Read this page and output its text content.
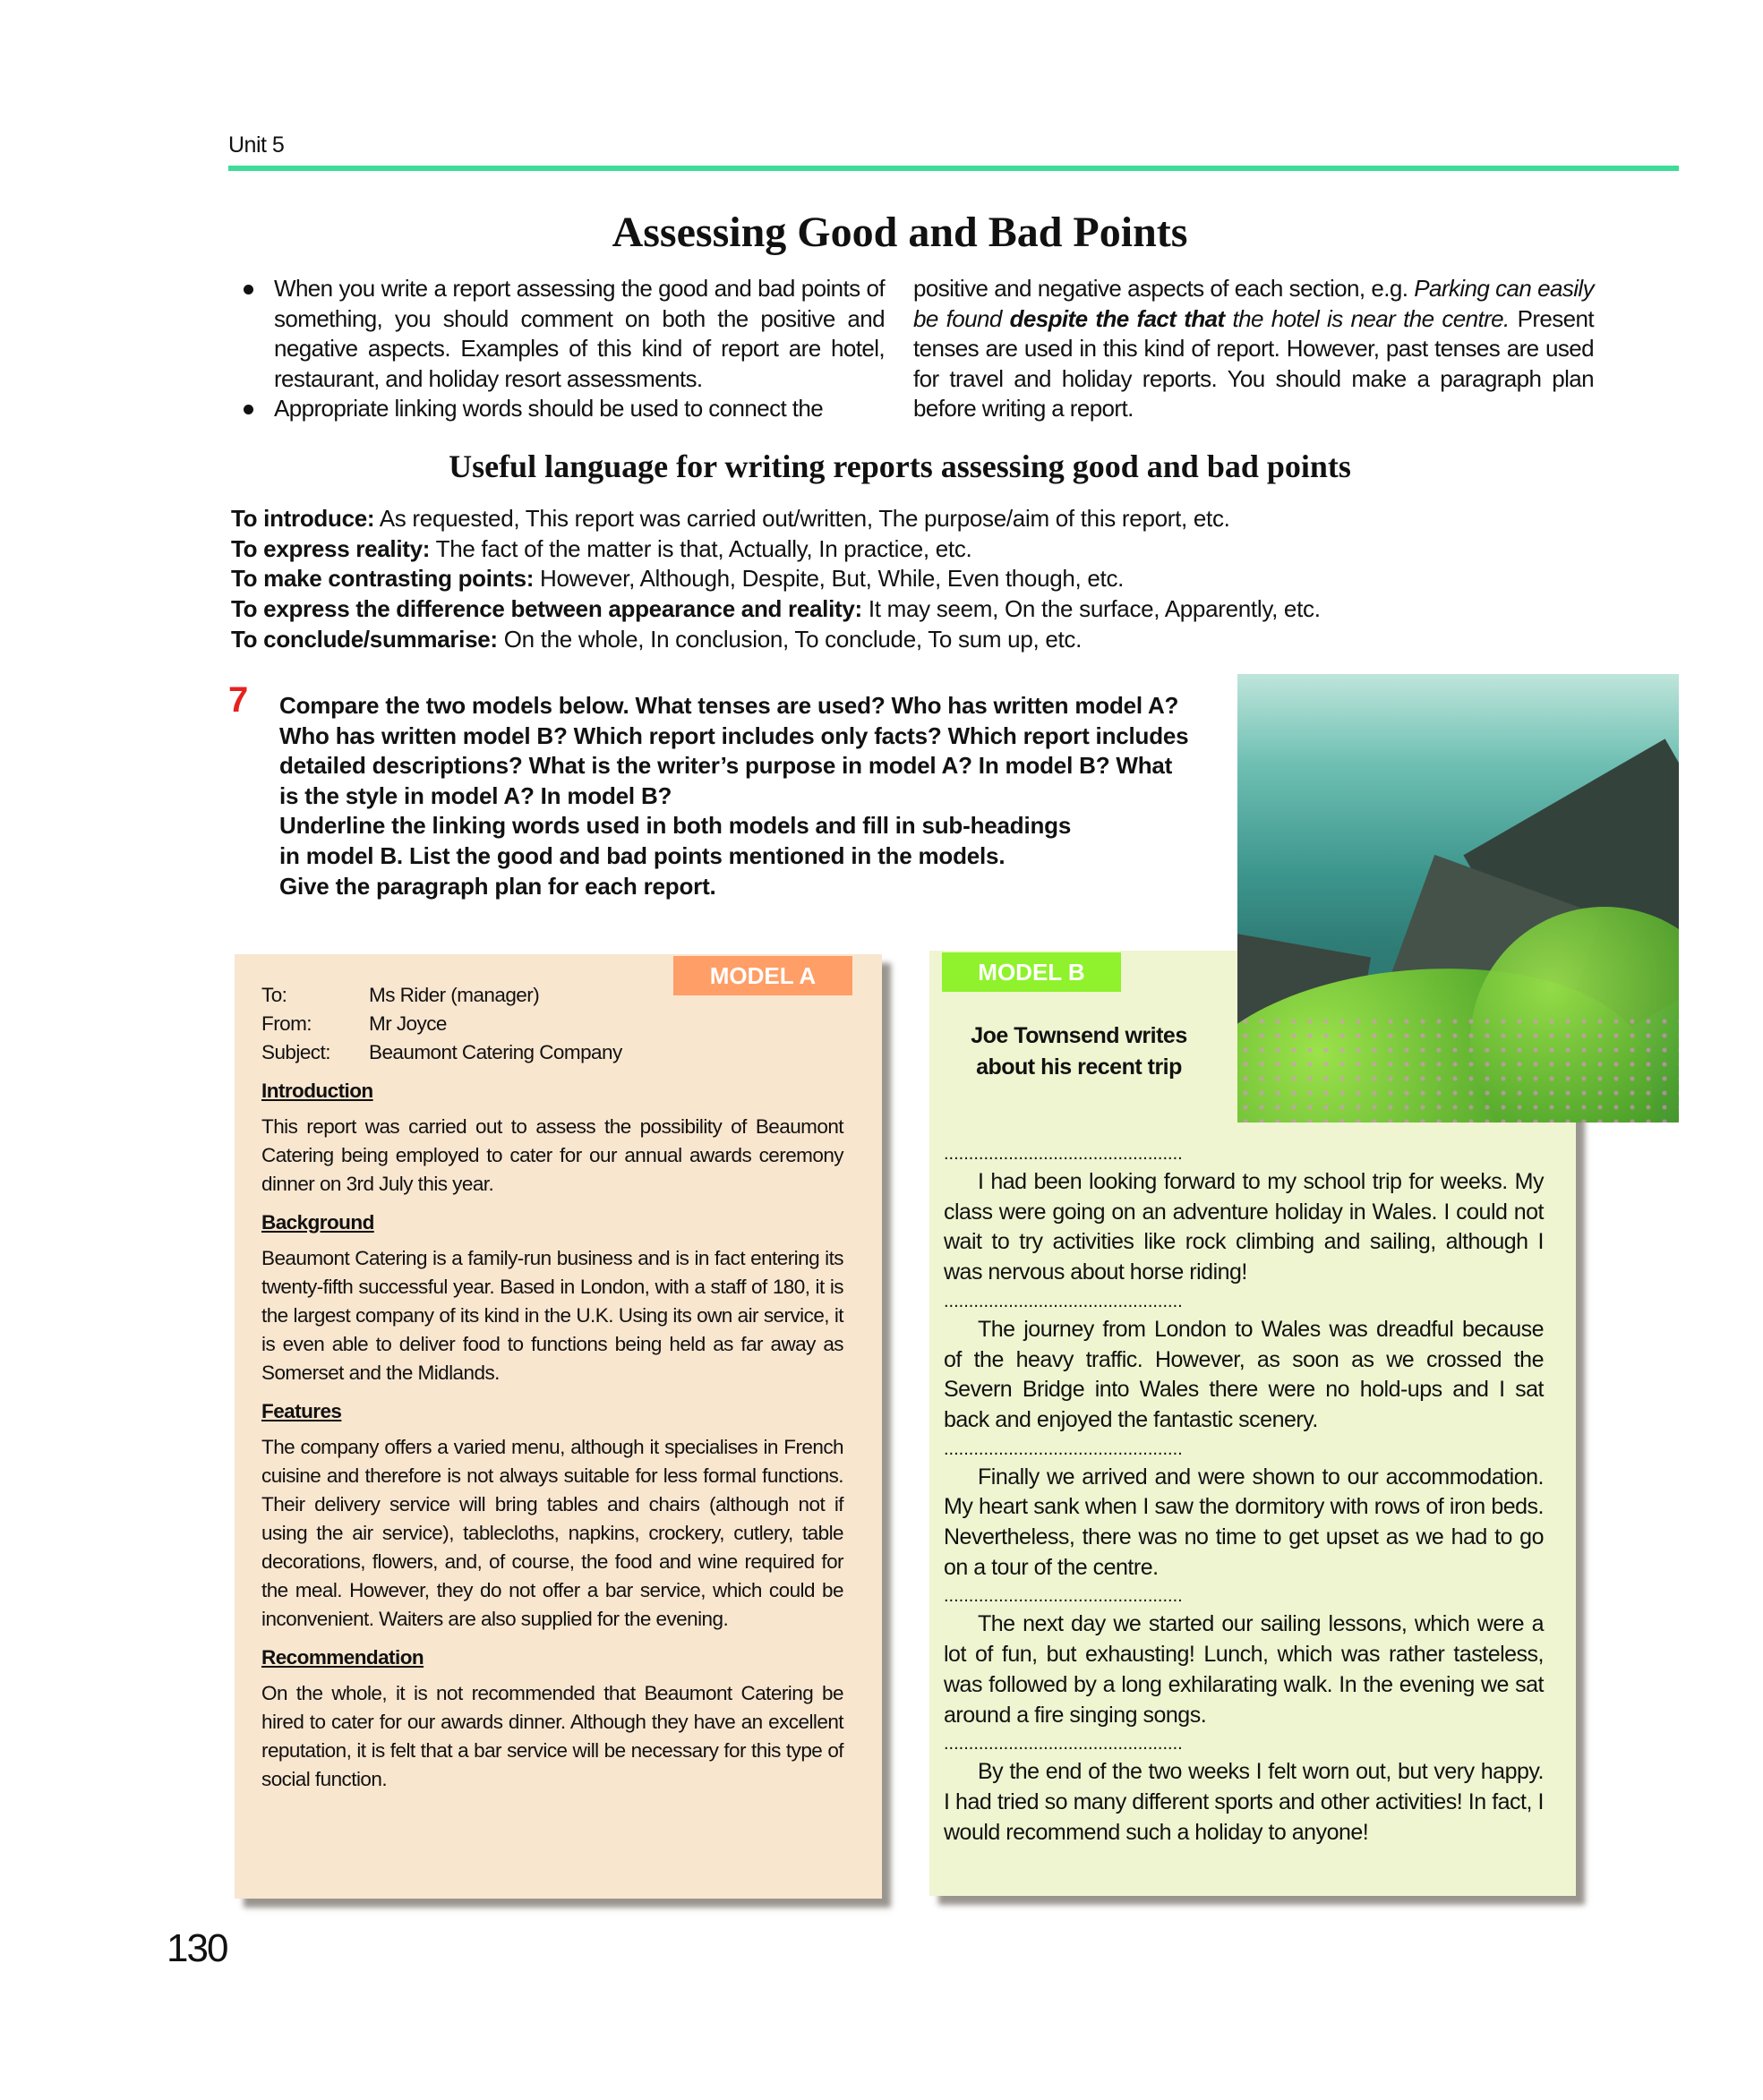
Unit 5
Assessing Good and Bad Points
When you write a report assessing the good and bad points of something, you should comment on both the positive and negative aspects. Examples of this kind of report are hotel, restaurant, and holiday resort assessments.
Appropriate linking words should be used to connect the
positive and negative aspects of each section, e.g. Parking can easily be found despite the fact that the hotel is near the centre. Present tenses are used in this kind of report. However, past tenses are used for travel and holiday reports. You should make a paragraph plan before writing a report.
Useful language for writing reports assessing good and bad points
To introduce: As requested, This report was carried out/written, The purpose/aim of this report, etc.
To express reality: The fact of the matter is that, Actually, In practice, etc.
To make contrasting points: However, Although, Despite, But, While, Even though, etc.
To express the difference between appearance and reality: It may seem, On the surface, Apparently, etc.
To conclude/summarise: On the whole, In conclusion, To conclude, To sum up, etc.
7 Compare the two models below. What tenses are used? Who has written model A?
Who has written model B? Which report includes only facts? Which report includes
detailed descriptions? What is the writer’s purpose in model A? In model B? What
is the style in model A? In model B?
Underline the linking words used in both models and fill in sub-headings
in model B. List the good and bad points mentioned in the models.
Give the paragraph plan for each report.
MODEL A
To:	Ms Rider (manager)
From:	Mr Joyce
Subject:	Beaumont Catering Company
Introduction

This report was carried out to assess the possibility of Beaumont Catering being employed to cater for our annual awards ceremony dinner on 3rd July this year.

Background

Beaumont Catering is a family-run business and is in fact entering its twenty-fifth successful year. Based in London, with a staff of 180, it is the largest company of its kind in the U.K. Using its own air service, it is even able to deliver food to functions being held as far away as Somerset and the Midlands.

Features

The company offers a varied menu, although it specialises in French cuisine and therefore is not always suitable for less formal functions. Their delivery service will bring tables and chairs (although not if using the air service), tablecloths, napkins, crockery, cutlery, table decorations, flowers, and, of course, the food and wine required for the meal. However, they do not offer a bar service, which could be inconvenient. Waiters are also supplied for the evening.

Recommendation

On the whole, it is not recommended that Beaumont Catering be hired to cater for our awards dinner. Although they have an excellent reputation, it is felt that a bar service will be necessary for this type of social function.

MODEL B
Joe Townsend writes about his recent trip
................................................

I had been looking forward to my school trip for weeks. My class were going on an adventure holiday in Wales. I could not wait to try activities like rock climbing and sailing, although I was nervous about horse riding!

................................................

The journey from London to Wales was dreadful because of the heavy traffic. However, as soon as we crossed the Severn Bridge into Wales there were no hold-ups and I sat back and enjoyed the fantastic scenery.

................................................

Finally we arrived and were shown to our accommodation. My heart sank when I saw the dormitory with rows of iron beds. Nevertheless, there was no time to get upset as we had to go on a tour of the centre.

................................................

The next day we started our sailing lessons, which were a lot of fun, but exhausting! Lunch, which was rather tasteless, was followed by a long exhilarating walk. In the evening we sat around a fire singing songs.

................................................

By the end of the two weeks I felt worn out, but very happy. I had tried so many different sports and other activities! In fact, I would recommend such a holiday to anyone!

130
